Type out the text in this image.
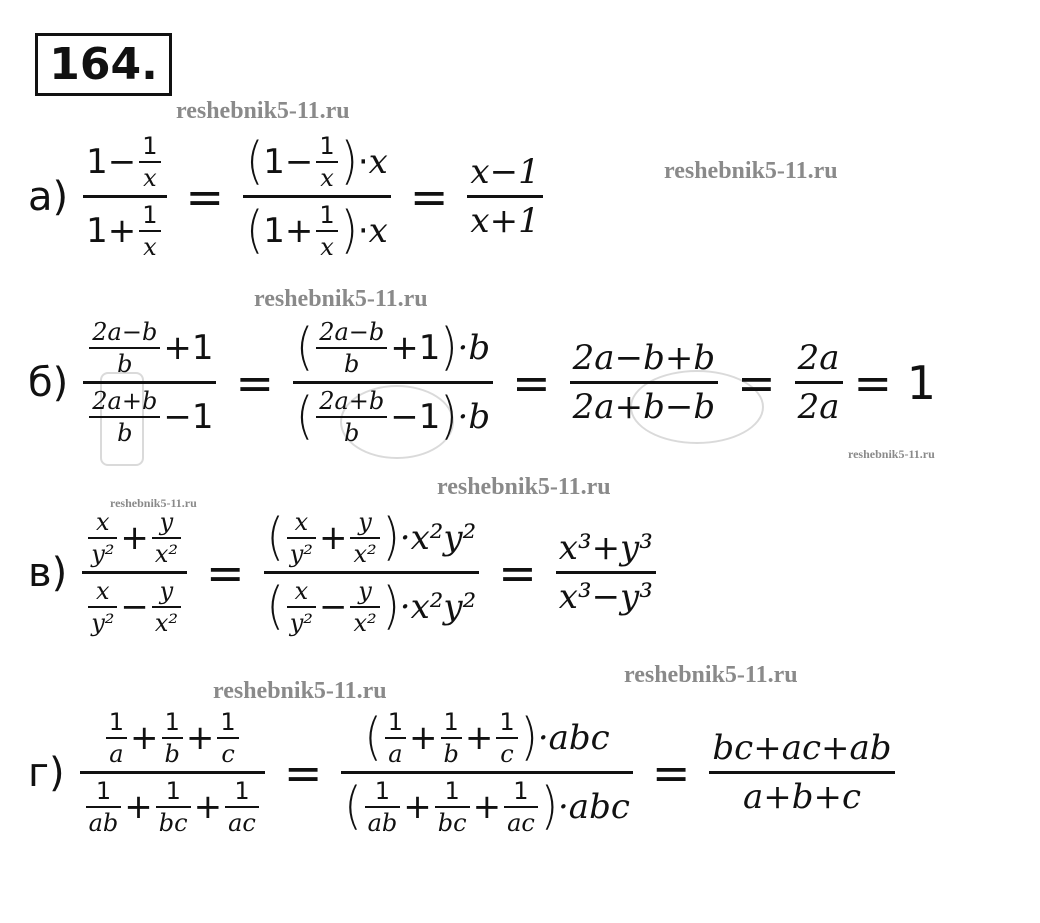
164.
reshebnik5-11.ru
reshebnik5-11.ru
reshebnik5-11.ru
reshebnik5-11.ru
reshebnik5-11.ru
reshebnik5-11.ru
reshebnik5-11.ru
reshebnik5-11.ru
$а) \frac{1 - \frac{1}{x}}{1 + \frac{1}{x}} = \frac{( 1 - \frac{1}{x} ) \cdot x}{( 1 + \frac{1}{x} ) \cdot x} = \frac{x-1}{x+1}$
$б) \frac{\frac{2a-b}{b} +1}{\frac{2a+b}{b} -1} = \frac{( \frac{2a-b}{b} +1 ) \cdot b}{( \frac{2a+b}{b} -1 ) \cdot b} = \frac{2a-b+b}{2a+b-b} = \frac{2a}{2a} = 1$
$в) \frac{\frac{x}{\text{y²}} + \frac{y}{\text{x²}}}{\frac{x}{\text{y²}} - \frac{y}{\text{x²}}} = \frac{( \frac{x}{\text{y²}} + \frac{y}{\text{x²}} ) \cdot x^2y^2}{( \frac{x}{\text{y²}} - \frac{y}{\text{x²}} ) \cdot x^2y^2} = \frac{\text{x³+y³}}{\text{x³−y³}}$
$г) \frac{\frac{1}{a} + \frac{1}{b} + \frac{1}{c}}{\frac{1}{ab} + \frac{1}{bc} + \frac{1}{ac}} = \frac{( \frac{1}{a} + \frac{1}{b} + \frac{1}{c} ) \cdot abc}{( \frac{1}{ab} + \frac{1}{bc} + \frac{1}{ac} ) \cdot abc} = \frac{bc+ac+ab}{a+b+c}$
